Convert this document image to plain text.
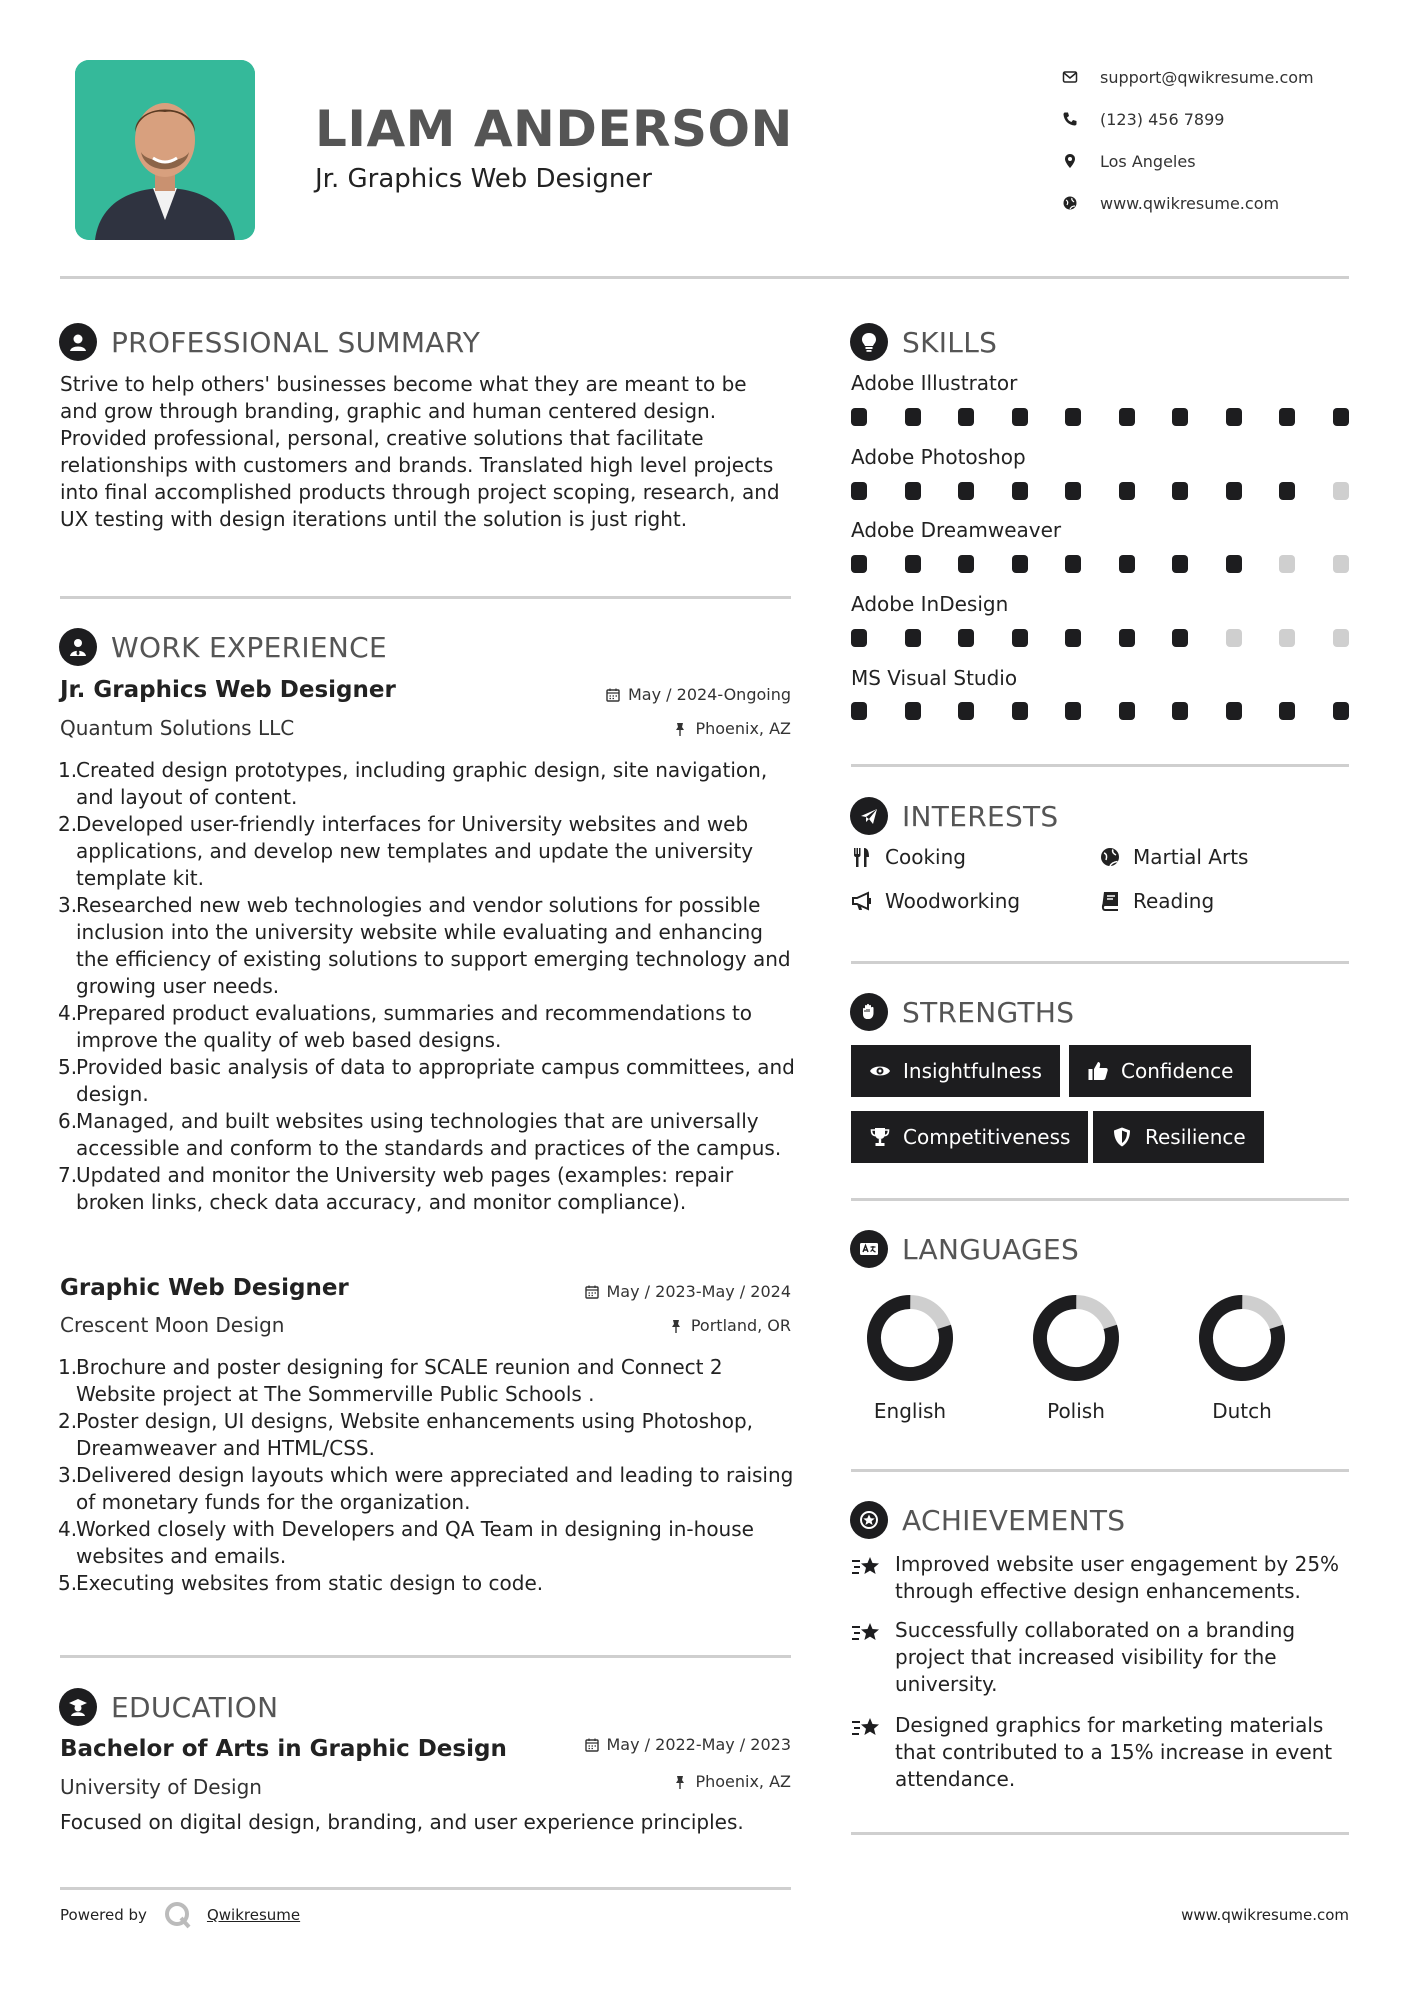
LIAM ANDERSON
Jr. Graphics Web Designer
support@qwikresume.com
(123) 456 7899
Los Angeles
www.qwikresume.com
PROFESSIONAL SUMMARY
Strive to help others' businesses become what they are meant to be and grow through branding, graphic and human centered design. Provided professional, personal, creative solutions that facilitate relationships with customers and brands. Translated high level projects into final accomplished products through project scoping, research, and UX testing with design iterations until the solution is just right.
WORK EXPERIENCE
Jr. Graphics Web Designer	May / 2024-Ongoing
Quantum Solutions LLC	Phoenix, AZ
1.
Created design prototypes, including graphic design, site navigation, and layout of content.
2.
Developed user-friendly interfaces for University websites and web applications, and develop new templates and update the university template kit.
3.
Researched new web technologies and vendor solutions for possible inclusion into the university website while evaluating and enhancing the efficiency of existing solutions to support emerging technology and growing user needs.
4.
Prepared product evaluations, summaries and recommendations to improve the quality of web based designs.
5.
Provided basic analysis of data to appropriate campus committees, and design.
6.
Managed, and built websites using technologies that are universally accessible and conform to the standards and practices of the campus.
7.
Updated and monitor the University web pages (examples: repair broken links, check data accuracy, and monitor compliance).
Graphic Web Designer	May / 2023-May / 2024
Crescent Moon Design	Portland, OR
1.
Brochure and poster designing for SCALE reunion and Connect 2 Website project at The Sommerville Public Schools .
2.
Poster design, UI designs, Website enhancements using Photoshop, Dreamweaver and HTML/CSS.
3.
Delivered design layouts which were appreciated and leading to raising of monetary funds for the organization.
4.
Worked closely with Developers and QA Team in designing in-house websites and emails.
5.
Executing websites from static design to code.
EDUCATION
Bachelor of Arts in Graphic Design	May / 2022-May / 2023
University of Design	Phoenix, AZ
Focused on digital design, branding, and user experience principles.
SKILLS
Adobe Illustrator
Adobe Photoshop
Adobe Dreamweaver
Adobe InDesign
MS Visual Studio
INTERESTS
Cooking	Martial Arts
Woodworking	Reading
STRENGTHS
Insightfulness	Confidence
Competitiveness	Resilience
LANGUAGES
English	Polish	Dutch
ACHIEVEMENTS
Improved website user engagement by 25% through effective design enhancements.
Successfully collaborated on a branding project that increased visibility for the university.
Designed graphics for marketing materials that contributed to a 15% increase in event attendance.
Powered by	Qwikresume	www.qwikresume.com
